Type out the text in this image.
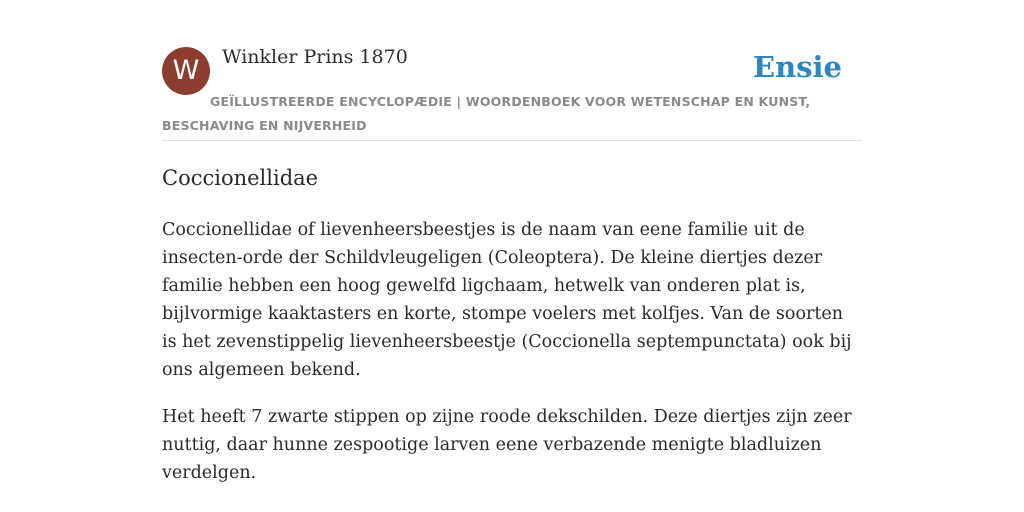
W	Winkler Prins 1870	Ensie
GEÏLLUSTREERDE ENCYCLOPÆDIE | WOORDENBOEK VOOR WETENSCHAP EN KUNST, BESCHAVING EN NIJVERHEID
Coccionellidae

Coccionellidae of lievenheersbeestjes is de naam van eene familie uit de insecten-orde der Schildvleugeligen (Coleoptera). De kleine diertjes dezer familie hebben een hoog gewelfd ligchaam, hetwelk van onderen plat is, bijlvormige kaaktasters en korte, stompe voelers met kolfjes. Van de soorten is het zevenstippelig lievenheersbeestje (Coccionella septempunctata) ook bij ons algemeen bekend.

Het heeft 7 zwarte stippen op zijne roode dekschilden. Deze diertjes zijn zeer nuttig, daar hunne zespootige larven eene verbazende menigte bladluizen verdelgen.
